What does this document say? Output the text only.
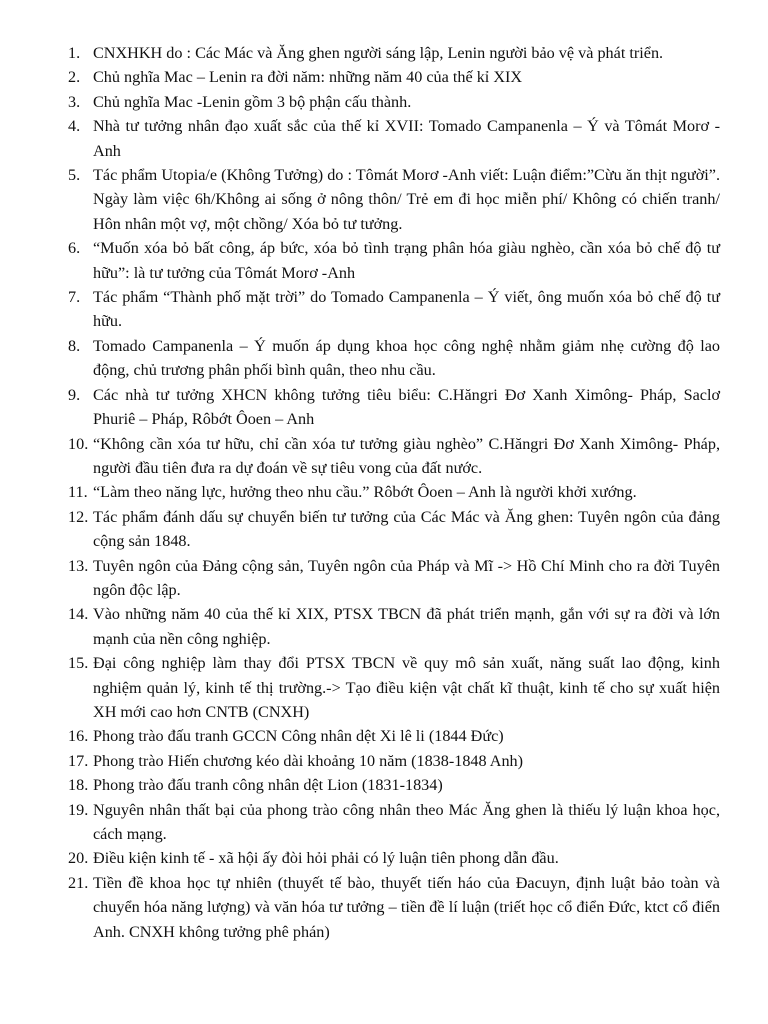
1. CNXHKH do : Các Mác và Ăng ghen người sáng lập, Lenin người bảo vệ và phát triển.
2. Chủ nghĩa Mac – Lenin ra đời năm: những năm 40 của thế kỉ XIX
3. Chủ nghĩa Mac -Lenin gồm 3 bộ phận cấu thành.
4. Nhà tư tưởng nhân đạo xuất sắc của thế kỉ XVII: Tomado Campanenla – Ý và Tômát Morơ - Anh
5. Tác phẩm Utopia/e (Không Tưởng) do : Tômát Morơ -Anh viết: Luận điểm:”Cừu ăn thịt người”. Ngày làm việc 6h/Không ai sống ở nông thôn/ Trẻ em đi học miễn phí/ Không có chiến tranh/ Hôn nhân một vợ, một chồng/ Xóa bỏ tư tưởng.
6. “Muốn xóa bỏ bất công, áp bức, xóa bỏ tình trạng phân hóa giàu nghèo, cần xóa bỏ chế độ tư hữu”: là tư tưởng của Tômát Morơ -Anh
7. Tác phẩm “Thành phố mặt trời” do Tomado Campanenla – Ý viết, ông muốn xóa bỏ chế độ tư hữu.
8. Tomado Campanenla – Ý muốn áp dụng khoa học công nghệ nhằm giảm nhẹ cường độ lao động, chủ trương phân phối bình quân, theo nhu cầu.
9. Các nhà tư tưởng XHCN không tưởng tiêu biểu: C.Hăngri Đơ Xanh Ximông- Pháp, Saclơ Phuriê – Pháp, Rôbớt Ôoen – Anh
10. “Không cần xóa tư hữu, chỉ cần xóa tư tưởng giàu nghèo” C.Hăngri Đơ Xanh Ximông- Pháp, người đầu tiên đưa ra dự đoán về sự tiêu vong của đất nước.
11. “Làm theo năng lực, hưởng theo nhu cầu.” Rôbớt Ôoen – Anh là người khởi xướng.
12. Tác phẩm đánh dấu sự chuyển biến tư tưởng của Các Mác và Ăng ghen: Tuyên ngôn của đảng cộng sản 1848.
13. Tuyên ngôn của Đảng cộng sản, Tuyên ngôn của Pháp và Mĩ -> Hồ Chí Minh cho ra đời Tuyên ngôn độc lập.
14. Vào những năm 40 của thế kỉ XIX, PTSX TBCN đã phát triển mạnh, gắn với sự ra đời và lớn mạnh của nền công nghiệp.
15. Đại công nghiệp làm thay đổi PTSX TBCN về quy mô sản xuất, năng suất lao động, kinh nghiệm quản lý, kinh tế thị trường.-> Tạo điều kiện vật chất kĩ thuật, kinh tế cho sự xuất hiện XH mới cao hơn CNTB (CNXH)
16. Phong trào đấu tranh GCCN Công nhân dệt Xi lê li (1844 Đức)
17. Phong trào Hiến chương kéo dài khoảng 10 năm (1838-1848 Anh)
18. Phong trào đấu tranh công nhân dệt Lion (1831-1834)
19. Nguyên nhân thất bại của phong trào công nhân theo Mác Ăng ghen là thiếu lý luận khoa học, cách mạng.
20. Điều kiện kinh tế - xã hội ấy đòi hỏi phải có lý luận tiên phong dẫn đầu.
21. Tiền đề khoa học tự nhiên (thuyết tế bào, thuyết tiến háo của Đacuyn, định luật bảo toàn và chuyển hóa năng lượng) và văn hóa tư tưởng – tiền đề lí luận (triết học cổ điển Đức, ktct cổ điển Anh. CNXH không tưởng phê phán)
